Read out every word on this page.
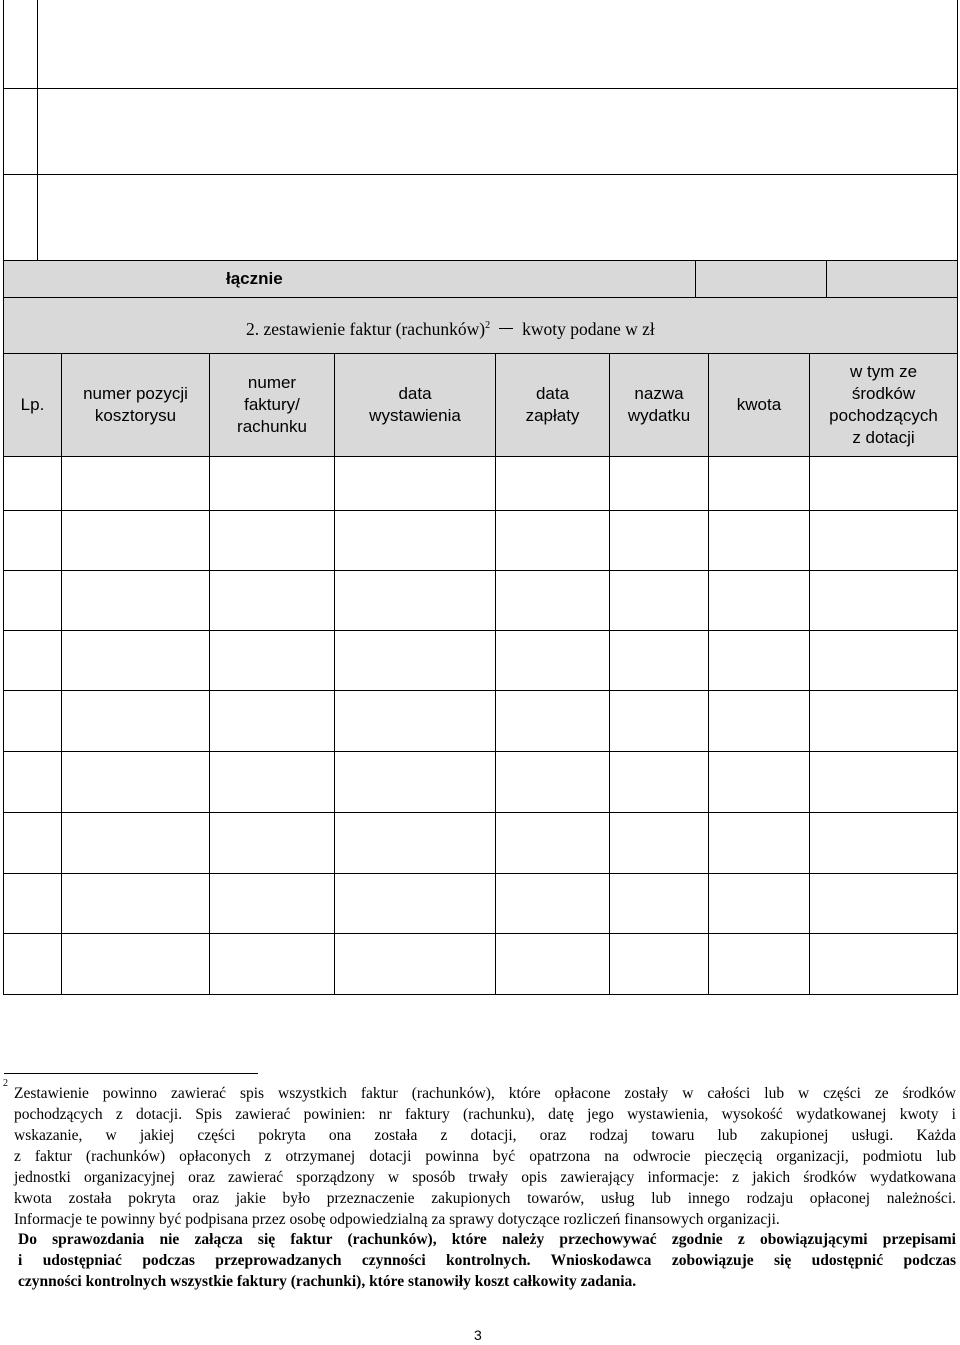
łącznie
2. zestawienie faktur (rachunków)$^2$ kwoty podane w zł
Lp.
numer pozycji
kosztorysu
numer
faktury/
rachunku
data
wystawienia
data
zapłaty
nazwa
wydatku
kwota
w tym ze
środków
pochodzących
z dotacji
2
Zestawienie powinno zawierać spis wszystkich faktur (rachunków), które opłacone zostały w całości lub w części ze środków
pochodzących z dotacji. Spis zawierać powinien: nr faktury (rachunku), datę jego wystawienia, wysokość wydatkowanej kwoty i
wskazanie, w jakiej części pokryta ona została z dotacji, oraz rodzaj towaru lub zakupionej usługi. Każda
z faktur (rachunków) opłaconych z otrzymanej dotacji powinna być opatrzona na odwrocie pieczęcią organizacji, podmiotu lub
jednostki organizacyjnej oraz zawierać sporządzony w sposób trwały opis zawierający informacje: z jakich środków wydatkowana
kwota została pokryta oraz jakie było przeznaczenie zakupionych towarów, usług lub innego rodzaju opłaconej należności.
Informacje te powinny być podpisana przez osobę odpowiedzialną za sprawy dotyczące rozliczeń finansowych organizacji.
Do sprawozdania nie załącza się faktur (rachunków), które należy przechowywać zgodnie z obowiązującymi przepisami
i udostępniać podczas przeprowadzanych czynności kontrolnych. Wnioskodawca zobowiązuje się udostępnić podczas
czynności kontrolnych wszystkie faktury (rachunki), które stanowiły koszt całkowity zadania.
3
